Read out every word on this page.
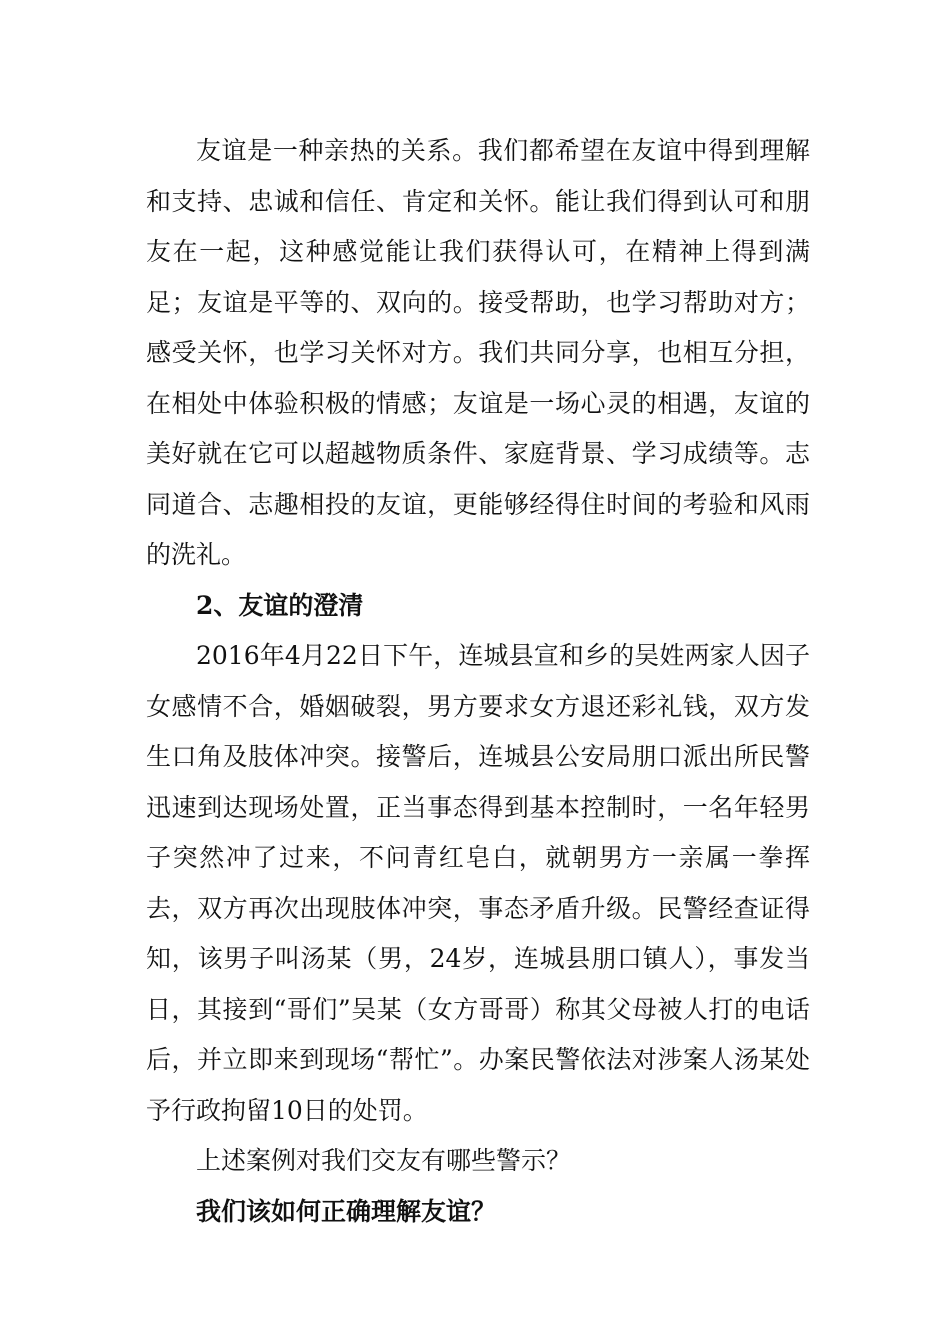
友谊是一种亲热的关系。我们都希望在友谊中得到理解和支持、忠诚和信任、肯定和关怀。能让我们得到认可和朋友在一起，这种感觉能让我们获得认可，在精神上得到满足；友谊是平等的、双向的。接受帮助，也学习帮助对方；感受关怀，也学习关怀对方。我们共同分享，也相互分担，在相处中体验积极的情感；友谊是一场心灵的相遇，友谊的美好就在它可以超越物质条件、家庭背景、学习成绩等。志同道合、志趣相投的友谊，更能够经得住时间的考验和风雨的洗礼。

2、友谊的澄清

2016年4月22日下午，连城县宣和乡的吴姓两家人因子女感情不合，婚姻破裂，男方要求女方退还彩礼钱，双方发生口角及肢体冲突。接警后，连城县公安局朋口派出所民警迅速到达现场处置，正当事态得到基本控制时，一名年轻男子突然冲了过来，不问青红皂白，就朝男方一亲属一拳挥去，双方再次出现肢体冲突，事态矛盾升级。民警经查证得知，该男子叫汤某（男，24岁，连城县朋口镇人），事发当日，其接到“哥们”吴某（女方哥哥）称其父母被人打的电话后，并立即来到现场“帮忙”。办案民警依法对涉案人汤某处予行政拘留10日的处罚。

上述案例对我们交友有哪些警示？

我们该如何正确理解友谊？
